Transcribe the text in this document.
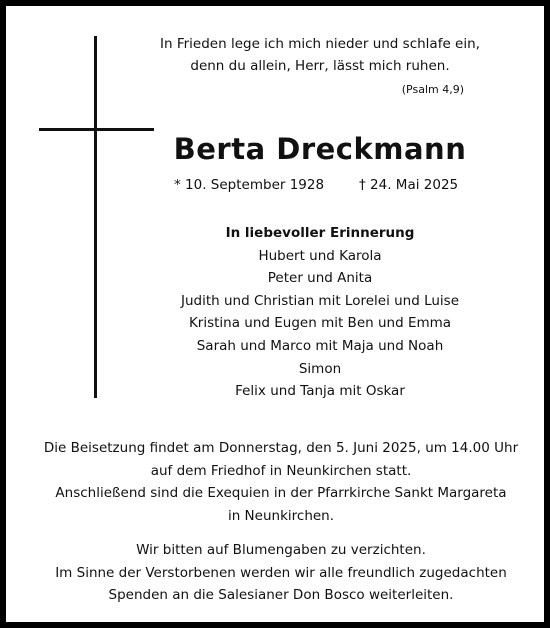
In Frieden lege ich mich nieder und schlafe ein,
denn du allein, Herr, lässt mich ruhen.
(Psalm 4,9)
Berta Dreckmann
* 10. September 1928	† 24. Mai 2025
In liebevoller Erinnerung
Hubert und Karola
Peter und Anita
Judith und Christian mit Lorelei und Luise
Kristina und Eugen mit Ben und Emma
Sarah und Marco mit Maja und Noah
Simon
Felix und Tanja mit Oskar
Die Beisetzung findet am Donnerstag, den 5. Juni 2025, um 14.00 Uhr
auf dem Friedhof in Neunkirchen statt.
Anschließend sind die Exequien in der Pfarrkirche Sankt Margareta
in Neunkirchen.
Wir bitten auf Blumengaben zu verzichten.
Im Sinne der Verstorbenen werden wir alle freundlich zugedachten
Spenden an die Salesianer Don Bosco weiterleiten.
